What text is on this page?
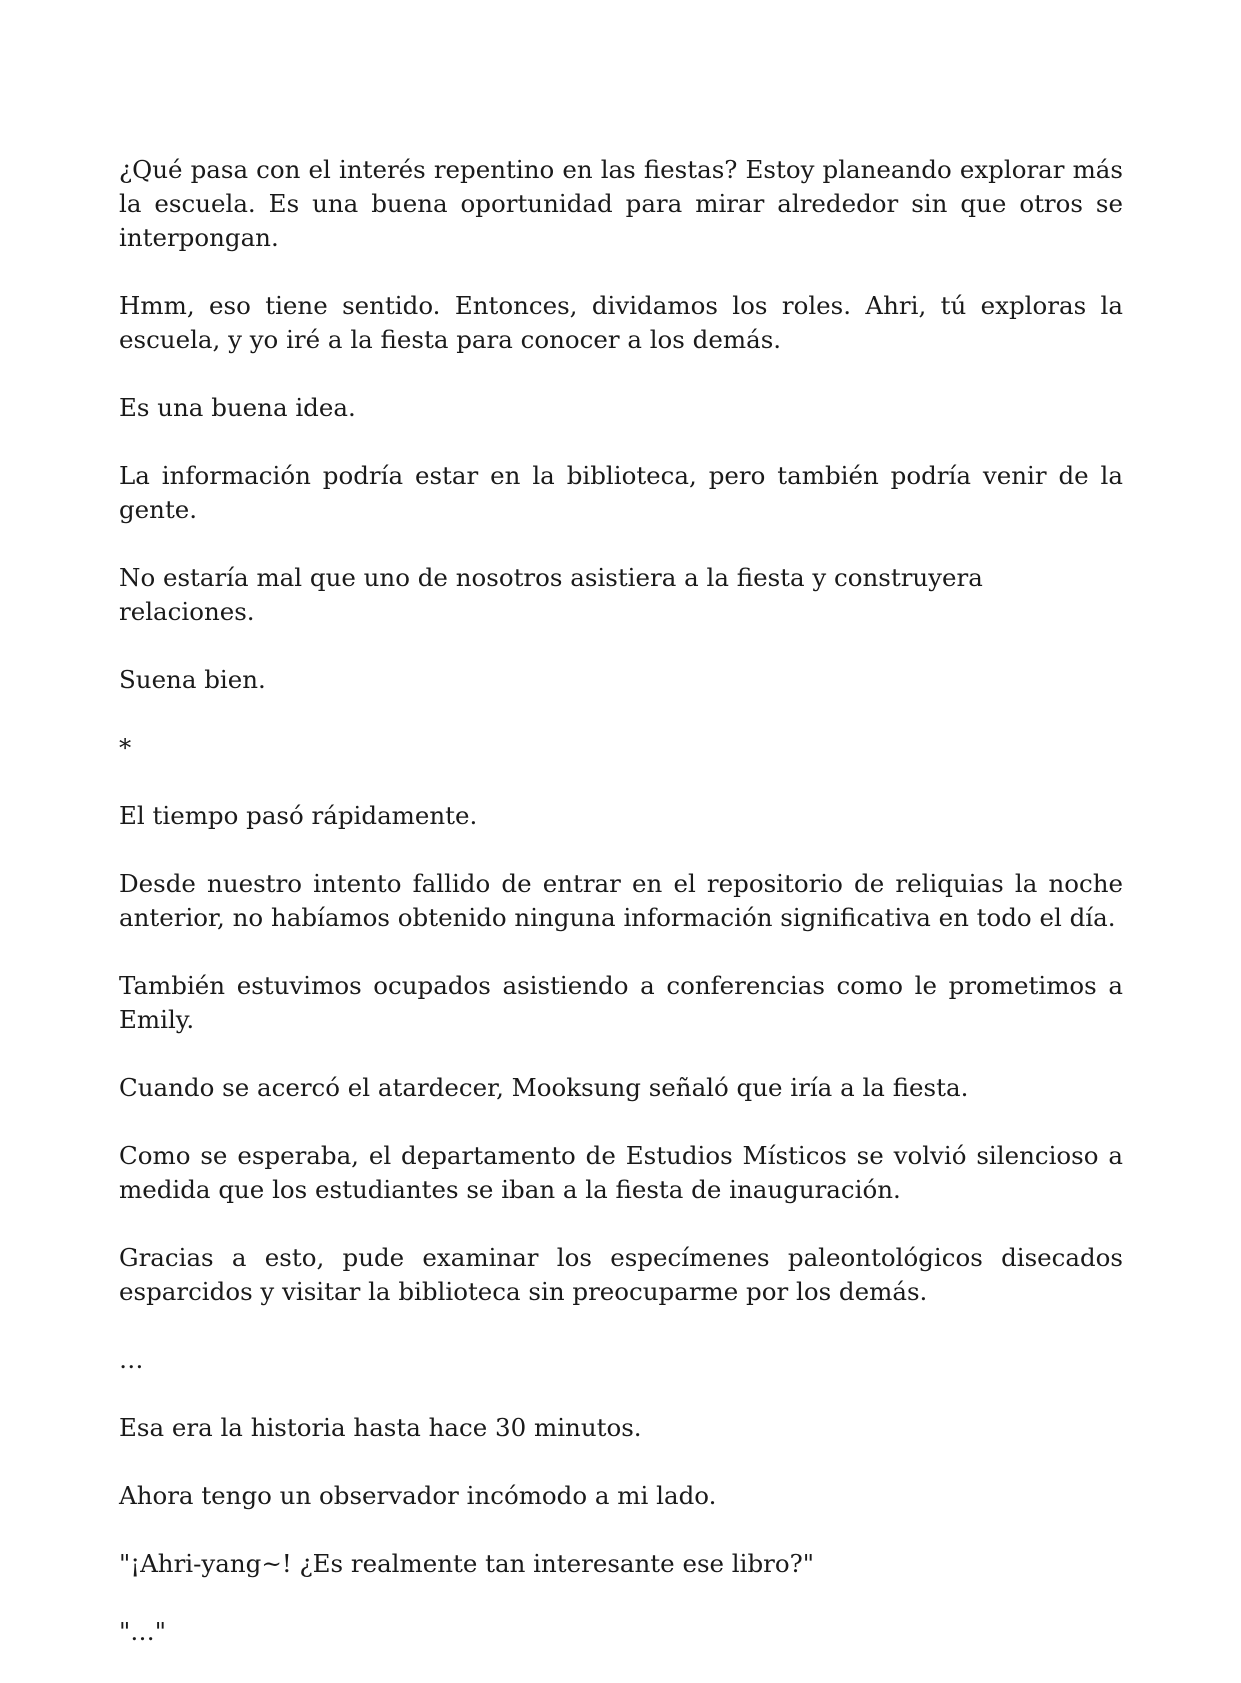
¿Qué pasa con el interés repentino en las fiestas? Estoy planeando explorar más la escuela. Es una buena oportunidad para mirar alrededor sin que otros se interpongan.

Hmm, eso tiene sentido. Entonces, dividamos los roles. Ahri, tú exploras la escuela, y yo iré a la fiesta para conocer a los demás.

Es una buena idea.

La información podría estar en la biblioteca, pero también podría venir de la gente.

No estaría mal que uno de nosotros asistiera a la fiesta y construyera relaciones.

Suena bien.

*

El tiempo pasó rápidamente.

Desde nuestro intento fallido de entrar en el repositorio de reliquias la noche anterior, no habíamos obtenido ninguna información significativa en todo el día.

También estuvimos ocupados asistiendo a conferencias como le prometimos a Emily.

Cuando se acercó el atardecer, Mooksung señaló que iría a la fiesta.

Como se esperaba, el departamento de Estudios Místicos se volvió silencioso a medida que los estudiantes se iban a la fiesta de inauguración.

Gracias a esto, pude examinar los especímenes paleontológicos disecados esparcidos y visitar la biblioteca sin preocuparme por los demás.

…

Esa era la historia hasta hace 30 minutos.

Ahora tengo un observador incómodo a mi lado.

"¡Ahri-yang~! ¿Es realmente tan interesante ese libro?"

"…"
